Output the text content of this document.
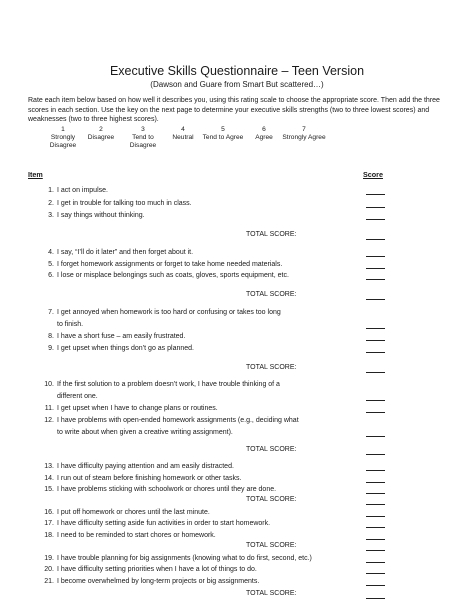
Executive Skills Questionnaire – Teen Version
(Dawson and Guare from Smart But scattered…)
Rate each item below based on how well it describes you, using this rating scale to choose the appropriate score. Then add the three scores in each section. Use the key on the next page to determine your executive skills strengths (two to three lowest scores) and weaknesses (two to three highest scores).
1
Strongly Disagree
2
Disagree
3
Tend to Disagree
4
Neutral
5
Tend to Agree
6
Agree
7
Strongly Agree
Item	Score
1. I act on impulse.
2. I get in trouble for talking too much in class.
3. I say things without thinking.
TOTAL SCORE:
4. I say, “I’ll do it later” and then forget about it.
5. I forget homework assignments or forget to take home needed materials.
6. I lose or misplace belongings such as coats, gloves, sports equipment, etc.
TOTAL SCORE:
7. I get annoyed when homework is too hard or confusing or takes too long
to finish.
8. I have a short fuse – am easily frustrated.
9. I get upset when things don’t go as planned.
TOTAL SCORE:
10. If the first solution to a problem doesn’t work, I have trouble thinking of a
different one.
11. I get upset when I have to change plans or routines.
12. I have problems with open-ended homework assignments (e.g., deciding what
to write about when given a creative writing assignment).
TOTAL SCORE:
13. I have difficulty paying attention and am easily distracted.
14. I run out of steam before finishing homework or other tasks.
15. I have problems sticking with schoolwork or chores until they are done.
TOTAL SCORE:
16. I put off homework or chores until the last minute.
17. I have difficulty setting aside fun activities in order to start homework.
18. I need to be reminded to start chores or homework.
TOTAL SCORE:
19. I have trouble planning for big assignments (knowing what to do first, second, etc.)
20. I have difficulty setting priorities when I have a lot of things to do.
21. I become overwhelmed by long-term projects or big assignments.
TOTAL SCORE:
